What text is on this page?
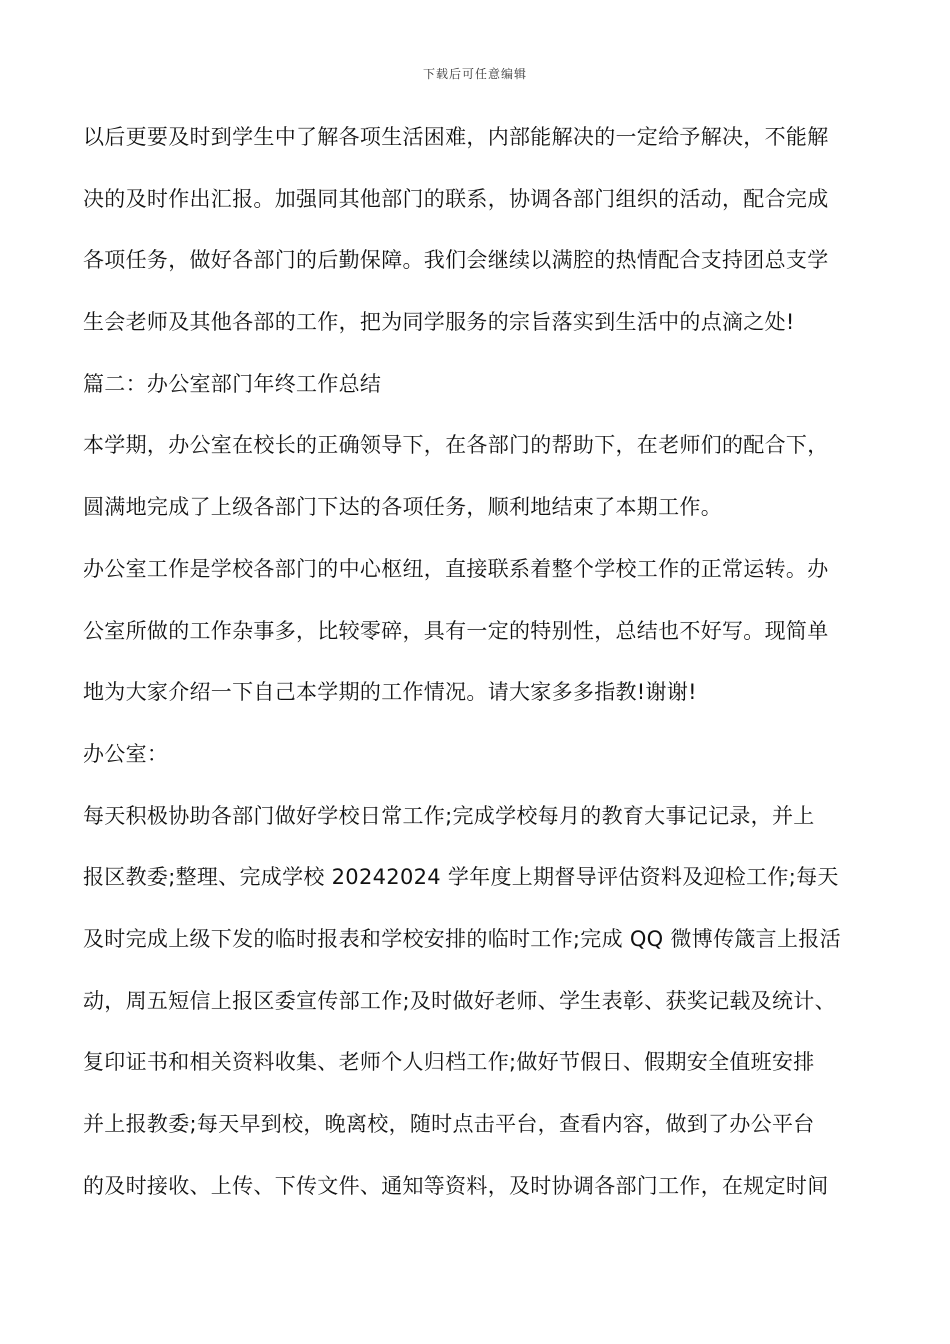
下载后可任意编辑
以后更要及时到学生中了解各项生活困难，内部能解决的一定给予解决，不能解
决的及时作出汇报。加强同其他部门的联系，协调各部门组织的活动，配合完成
各项任务，做好各部门的后勤保障。我们会继续以满腔的热情配合支持团总支学
生会老师及其他各部的工作，把为同学服务的宗旨落实到生活中的点滴之处!
篇二：办公室部门年终工作总结
本学期，办公室在校长的正确领导下，在各部门的帮助下，在老师们的配合下，
圆满地完成了上级各部门下达的各项任务，顺利地结束了本期工作。
办公室工作是学校各部门的中心枢纽，直接联系着整个学校工作的正常运转。办
公室所做的工作杂事多，比较零碎，具有一定的特别性，总结也不好写。现简单
地为大家介绍一下自己本学期的工作情况。请大家多多指教!谢谢!
办公室：
每天积极协助各部门做好学校日常工作;完成学校每月的教育大事记记录，并上
报区教委;整理、完成学校 20242024 学年度上期督导评估资料及迎检工作;每天
及时完成上级下发的临时报表和学校安排的临时工作;完成 QQ 微博传箴言上报活
动，周五短信上报区委宣传部工作;及时做好老师、学生表彰、获奖记载及统计、
复印证书和相关资料收集、老师个人归档工作;做好节假日、假期安全值班安排
并上报教委;每天早到校，晚离校，随时点击平台，查看内容，做到了办公平台
的及时接收、上传、下传文件、通知等资料，及时协调各部门工作，在规定时间
